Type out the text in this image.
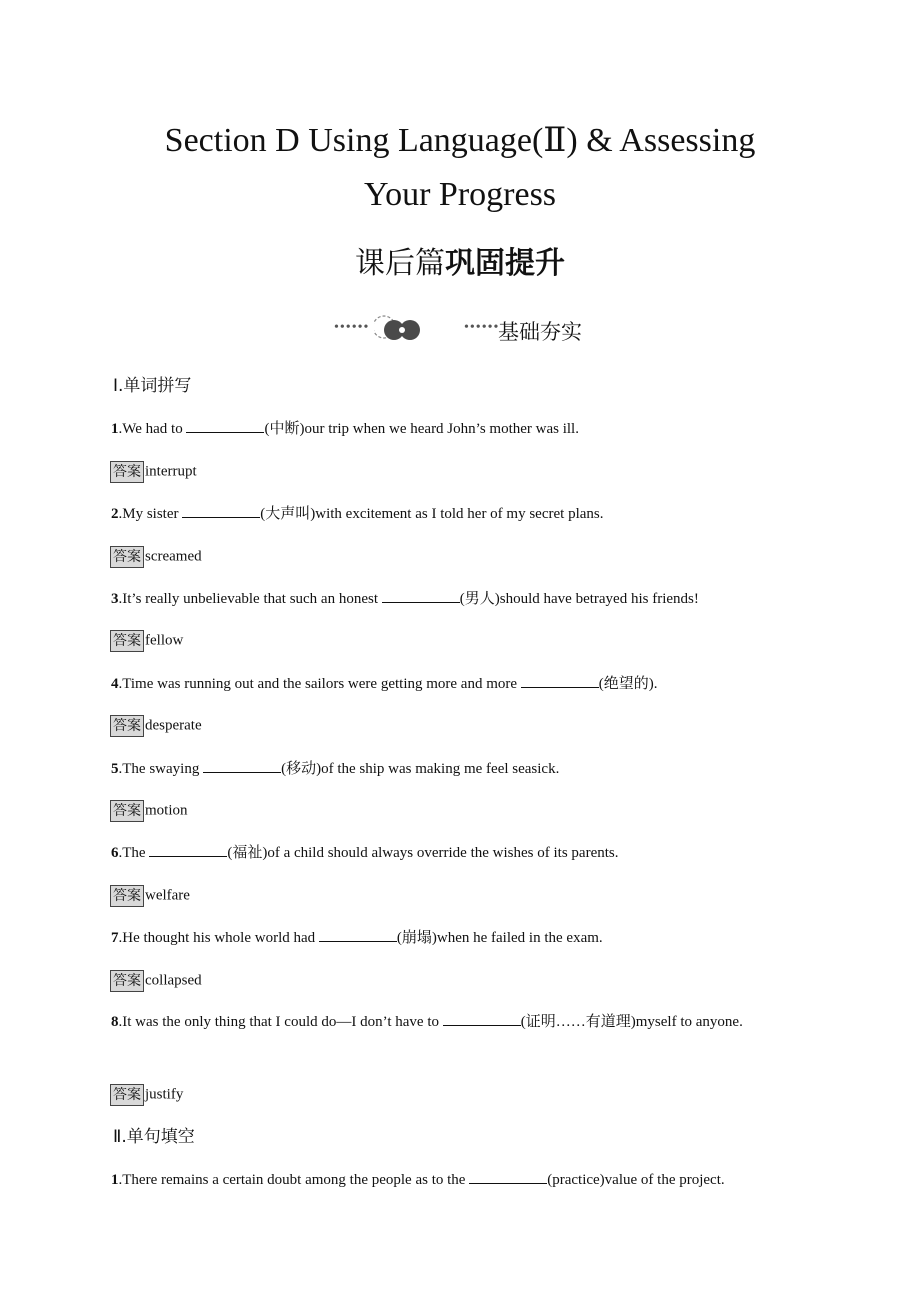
Section D Using Language(Ⅱ) & Assessing
Your Progress
课后篇巩固提升
••••••	••••••
基础夯实
Ⅰ.单词拼写
1.We had to	(中断)our trip when we heard John’s mother was ill.
答案 interrupt
2.My sister	(大声叫)with excitement as I told her of my secret plans.
答案 screamed
3.It’s really unbelievable that such an honest	(男人)should have betrayed his friends!
答案 fellow
4.Time was running out and the sailors were getting more and more	(绝望的).
答案 desperate
5.The swaying	(移动)of the ship was making me feel seasick.
答案 motion
6.The	(福祉)of a child should always override the wishes of its parents.
答案 welfare
7.He thought his whole world had	(崩塌)when he failed in the exam.
答案 collapsed
8.It was the only thing that I could do—I don’t have to	(证明……有道理)myself to anyone.
答案 justify
Ⅱ.单句填空
1.There remains a certain doubt among the people as to the	(practice)value of the project.
